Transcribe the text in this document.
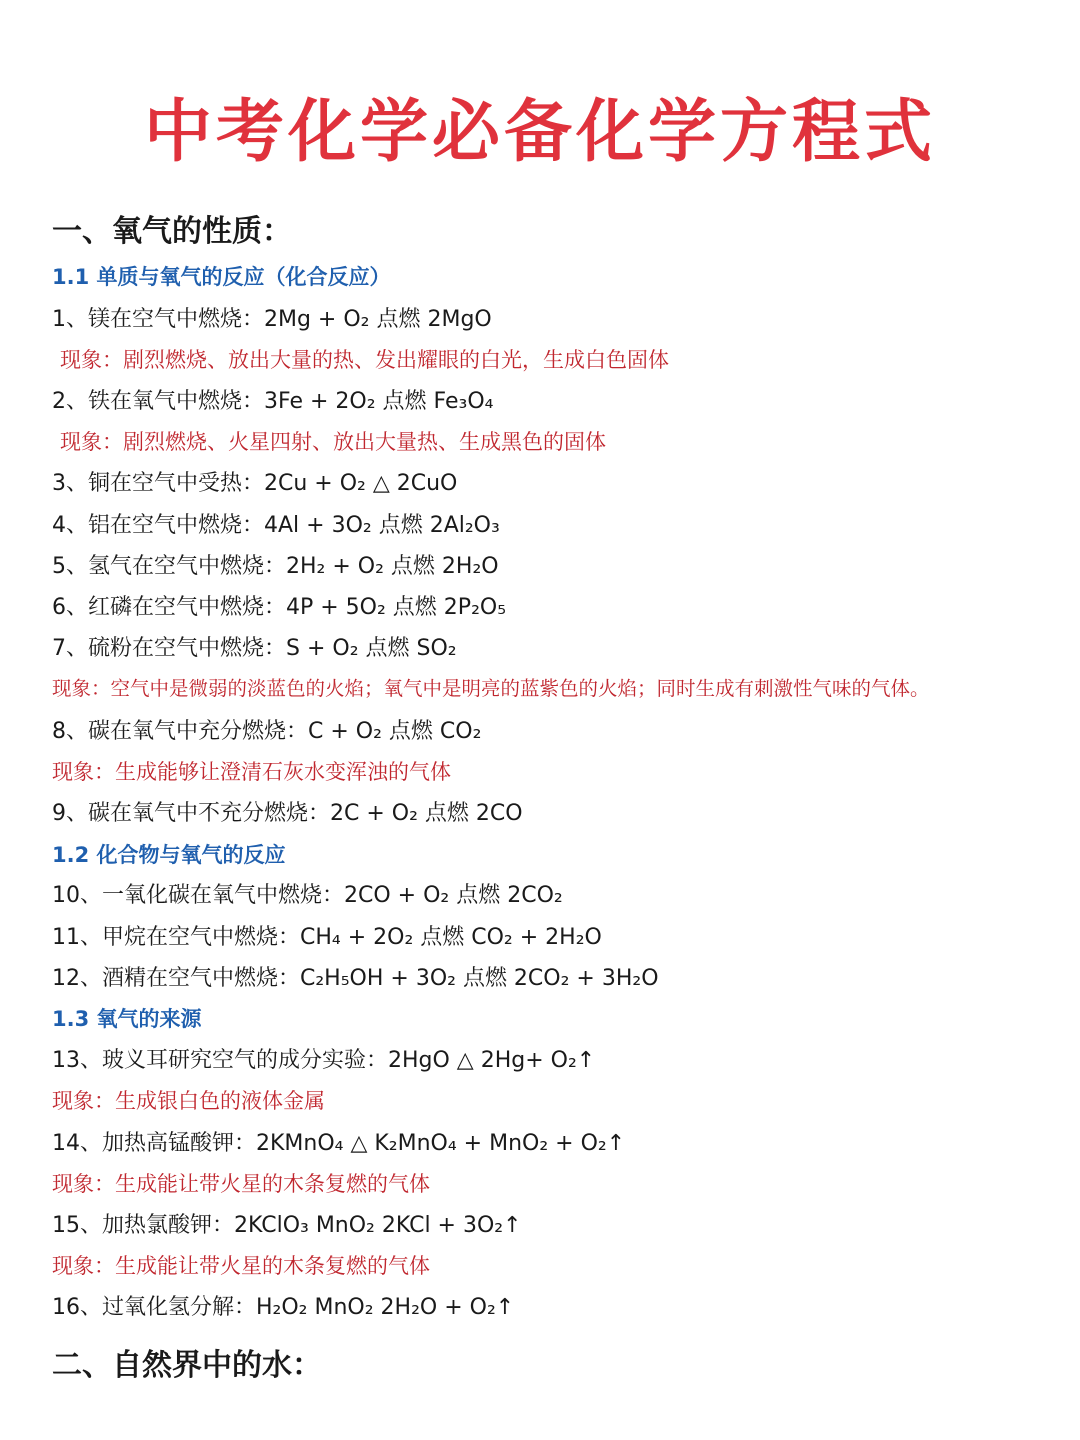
中考化学必备化学方程式
一、氧气的性质：
1.1 单质与氧气的反应（化合反应）
1、镁在空气中燃烧：2Mg + O₂ 点燃 2MgO
现象：剧烈燃烧、放出大量的热、发出耀眼的白光，生成白色固体
2、铁在氧气中燃烧：3Fe + 2O₂ 点燃 Fe₃O₄
现象：剧烈燃烧、火星四射、放出大量热、生成黑色的固体
3、铜在空气中受热：2Cu + O₂ △ 2CuO
4、铝在空气中燃烧：4Al + 3O₂ 点燃 2Al₂O₃
5、氢气在空气中燃烧：2H₂ + O₂ 点燃 2H₂O
6、红磷在空气中燃烧：4P + 5O₂ 点燃 2P₂O₅
7、硫粉在空气中燃烧：S + O₂ 点燃 SO₂
现象：空气中是微弱的淡蓝色的火焰；氧气中是明亮的蓝紫色的火焰；同时生成有刺激性气味的气体。
8、碳在氧气中充分燃烧：C + O₂ 点燃 CO₂
现象：生成能够让澄清石灰水变浑浊的气体
9、碳在氧气中不充分燃烧：2C + O₂ 点燃 2CO
1.2 化合物与氧气的反应
10、一氧化碳在氧气中燃烧：2CO + O₂ 点燃 2CO₂
11、甲烷在空气中燃烧：CH₄ + 2O₂ 点燃 CO₂ + 2H₂O
12、酒精在空气中燃烧：C₂H₅OH + 3O₂ 点燃 2CO₂ + 3H₂O
1.3 氧气的来源
13、玻义耳研究空气的成分实验：2HgO △ 2Hg+ O₂↑
现象：生成银白色的液体金属
14、加热高锰酸钾：2KMnO₄ △ K₂MnO₄ + MnO₂ + O₂↑
现象：生成能让带火星的木条复燃的气体
15、加热氯酸钾：2KClO₃ MnO₂ 2KCl + 3O₂↑
现象：生成能让带火星的木条复燃的气体
16、过氧化氢分解：H₂O₂ MnO₂ 2H₂O + O₂↑
二、自然界中的水：
